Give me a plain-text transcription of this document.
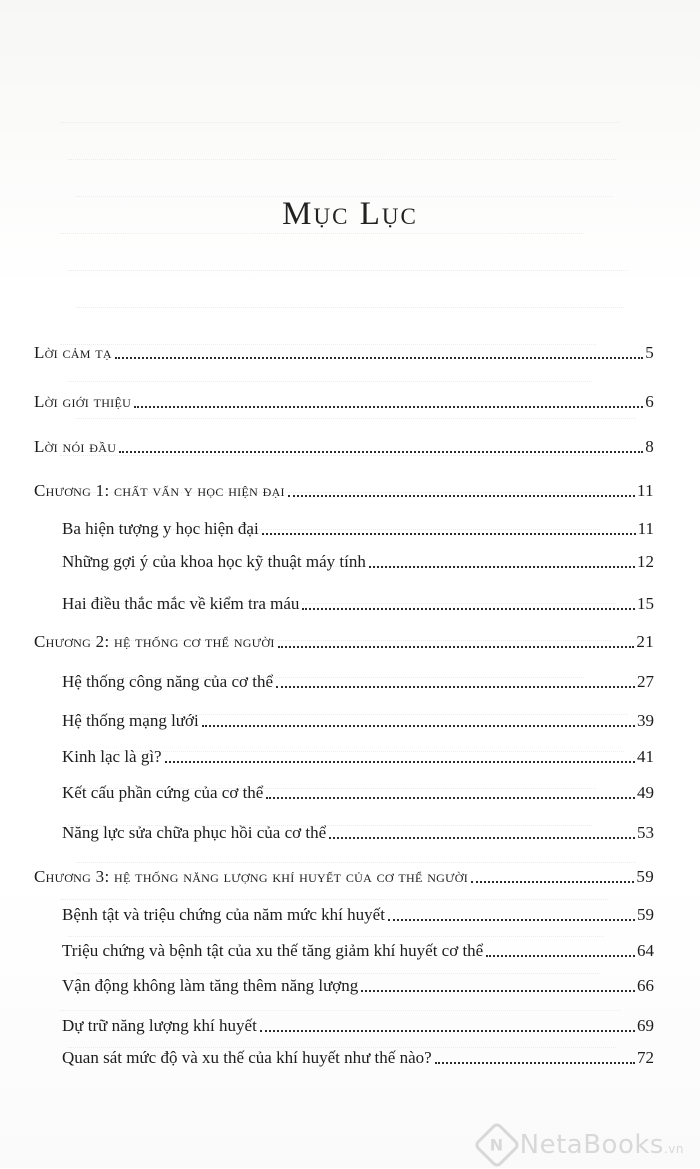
Mục Lục
Lời cảm tạ	5
Lời giới thiệu	6
Lời nói đầu	8
Chương 1: chất vấn y học hiện đại	11
Ba hiện tượng y học hiện đại	11
Những gợi ý của khoa học kỹ thuật máy tính	12
Hai điều thắc mắc về kiểm tra máu	15
Chương 2: hệ thống cơ thể người	21
Hệ thống công năng của cơ thể	27
Hệ thống mạng lưới	39
Kinh lạc là gì?	41
Kết cấu phần cứng của cơ thể	49
Năng lực sửa chữa phục hồi của cơ thể	53
Chương 3: hệ thống năng lượng khí huyết của cơ thể người	59
Bệnh tật và triệu chứng của năm mức khí huyết	59
Triệu chứng và bệnh tật của xu thế tăng giảm khí huyết cơ thể	64
Vận động không làm tăng thêm năng lượng	66
Dự trữ năng lượng khí huyết	69
Quan sát mức độ và xu thế của khí huyết như thế nào?	72
N NetaBooks.vn
